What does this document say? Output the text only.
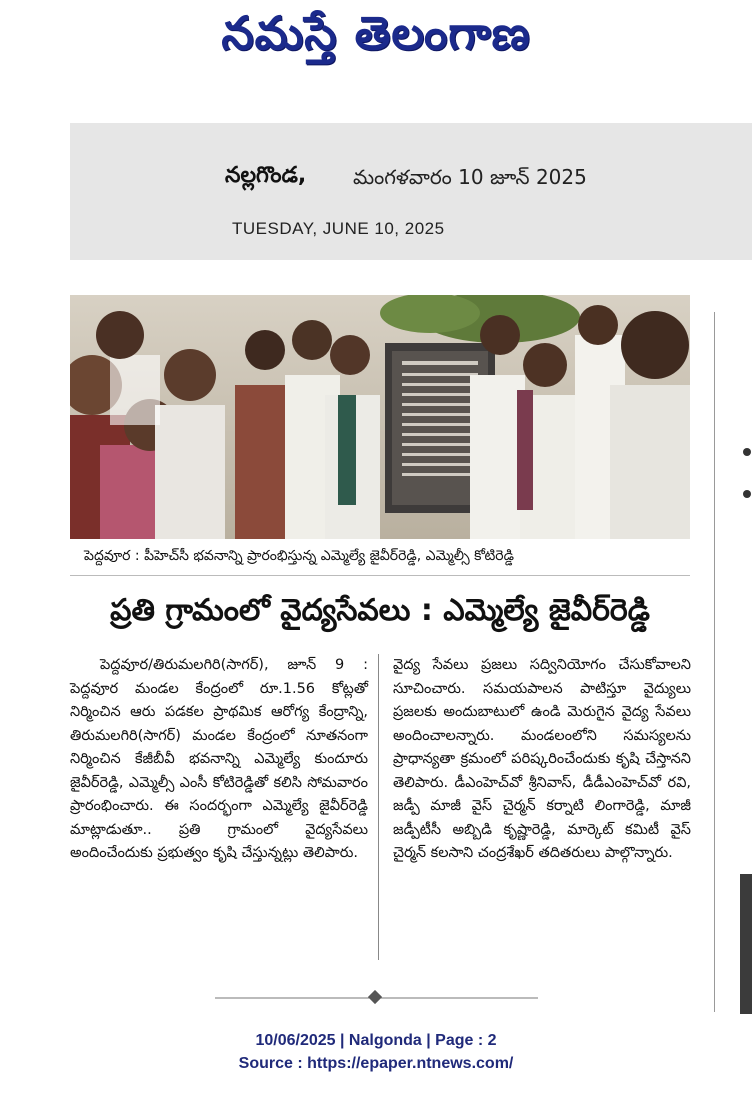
నమస్తే తెలంగాణ
నల్లగొండ, మంగళవారం 10 జూన్ 2025
TUESDAY, JUNE 10, 2025
పెద్దవూర : పీహెచ్‌సీ భవనాన్ని ప్రారంభిస్తున్న ఎమ్మెల్యే జైవీర్‌రెడ్డి, ఎమ్మెల్సీ కోటిరెడ్డి
ప్రతి గ్రామంలో వైద్యసేవలు : ఎమ్మెల్యే జైవీర్‌రెడ్డి
పెద్దవూర/తిరుమలగిరి(సాగర్), జూన్ 9 : పెద్దవూర మండల కేంద్రంలో రూ.1.56 కోట్లతో నిర్మించిన ఆరు పడకల ప్రాథమిక ఆరోగ్య కేంద్రాన్ని, తిరుమలగిరి(సాగర్) మండల కేంద్రంలో నూతనంగా నిర్మించిన కేజీబీవీ భవనాన్ని ఎమ్మెల్యే కుందూరు జైవీర్‌రెడ్డి, ఎమ్మెల్సీ ఎంసీ కోటిరెడ్డితో కలిసి సోమవారం ప్రారంభించారు. ఈ సందర్భంగా ఎమ్మెల్యే జైవీర్‌రెడ్డి మాట్లాడుతూ.. ప్రతి గ్రామంలో వైద్యసేవలు అందించేందుకు ప్రభుత్వం కృషి చేస్తున్నట్లు తెలిపారు.
వైద్య సేవలు ప్రజలు సద్వినియోగం చేసుకోవాలని సూచించారు. సమయపాలన పాటిస్తూ వైద్యులు ప్రజలకు అందుబాటులో ఉండి మెరుగైన వైద్య సేవలు అందించాలన్నారు. మండలంలోని సమస్యలను ప్రాధాన్యతా క్రమంలో పరిష్కరించేందుకు కృషి చేస్తానని తెలిపారు. డీఎంహెచ్‌వో శ్రీనివాస్, డీడీఎంహెచ్‌వో రవి, జడ్పీ మాజీ వైస్ చైర్మన్ కర్నాటి లింగారెడ్డి, మాజీ జడ్పీటీసీ అబ్బిడి కృష్ణారెడ్డి, మార్కెట్ కమిటీ వైస్ చైర్మన్ కలసాని చంద్రశేఖర్ తదితరులు పాల్గొన్నారు.
10/06/2025 | Nalgonda | Page : 2
Source : https://epaper.ntnews.com/
